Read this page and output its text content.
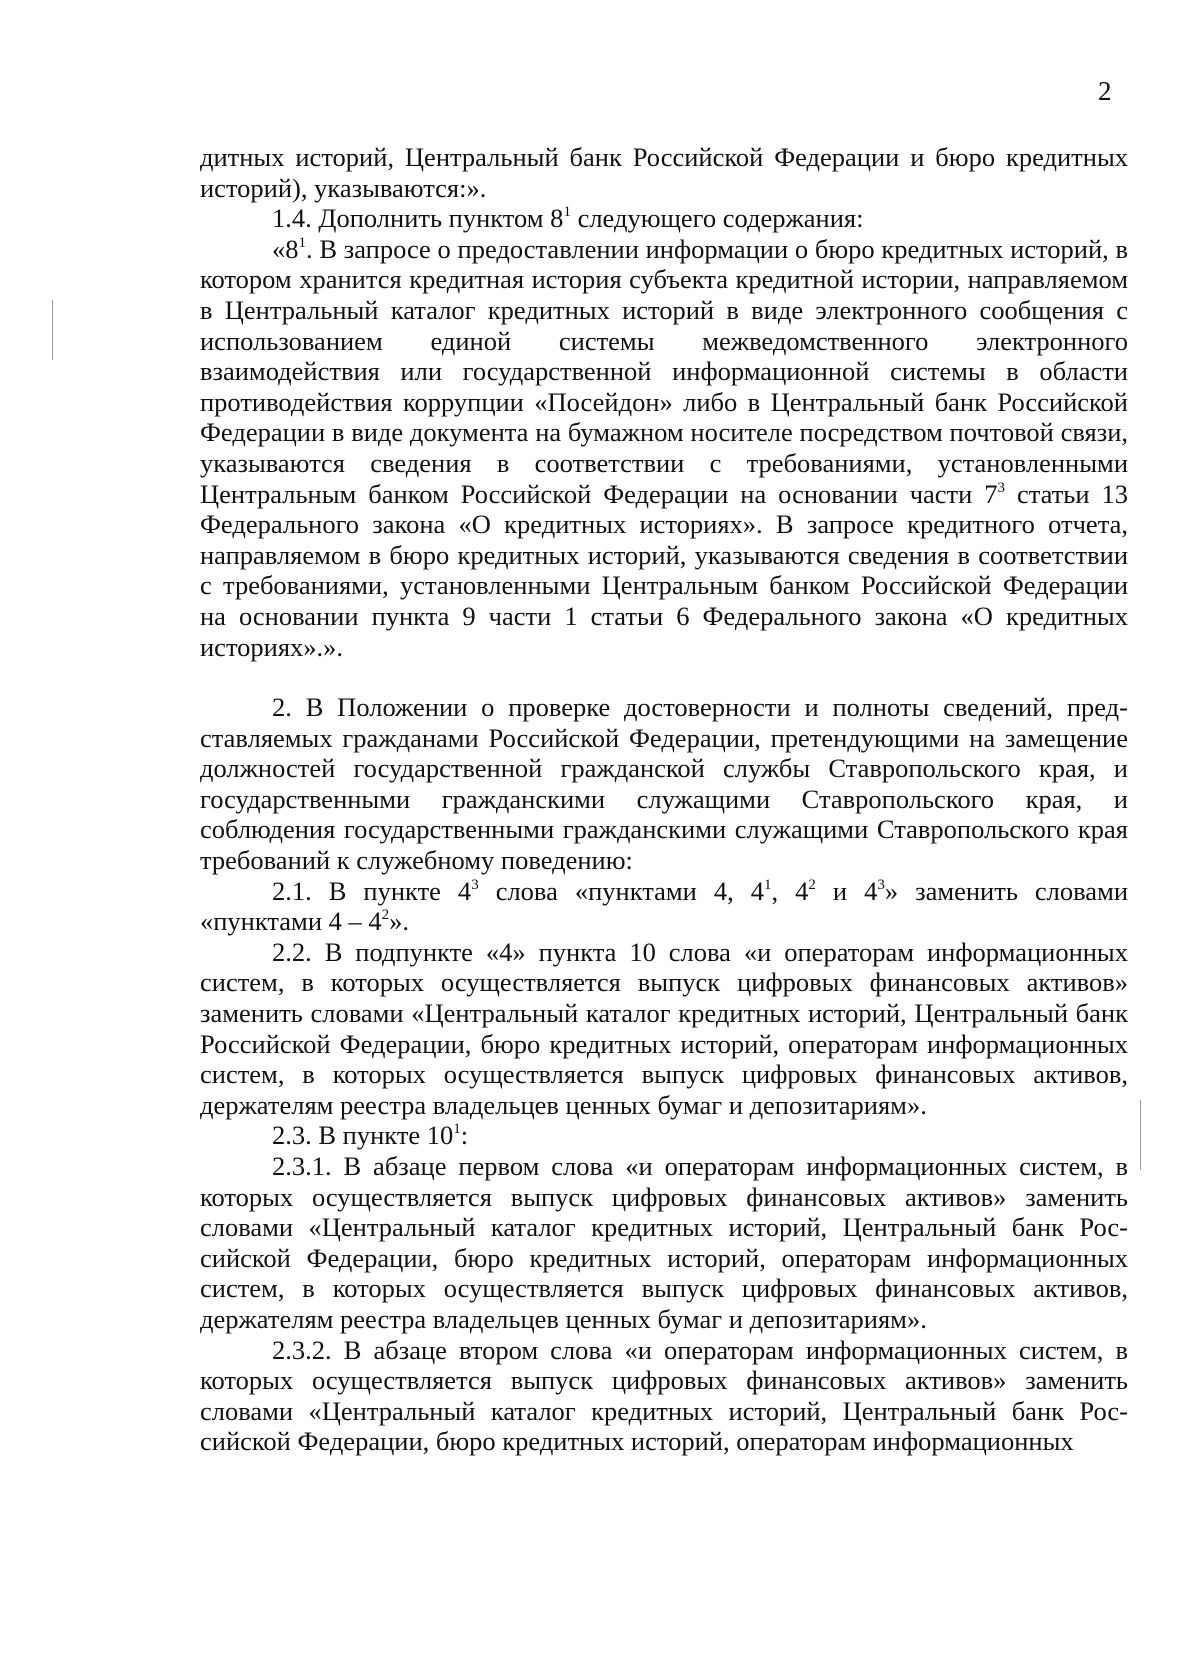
2

дитных историй, Центральный банк Российской Федерации и бюро кредитных историй), указываются:».

1.4. Дополнить пунктом $8^1$ следующего содержания:

«$8^1$. В запросе о предоставлении информации о бюро кредитных историй, в котором хранится кредитная история субъекта кредитной истории, направляемом в Центральный каталог кредитных историй в виде электронного сообщения с использованием единой системы межведомственного электронного взаимодействия или государственной информационной системы в области противодействия коррупции «Посейдон» либо в Центральный банк Российской Федерации в виде документа на бумажном носителе посредством почтовой связи, указываются сведения в соответствии с требованиями, установленными Центральным банком Российской Федерации на основании части $7^3$ статьи 13 Федерального закона «О кредитных историях». В запросе кредитного отчета, направляемом в бюро кредитных историй, указываются сведения в соответствии с требованиями, установленными Центральным банком Российской Федерации на основании пункта 9 части 1 статьи 6 Федерального закона «О кредитных историях».».

2. В Положении о проверке достоверности и полноты сведений, представляемых гражданами Российской Федерации, претендующими на замещение должностей государственной гражданской службы Ставропольского края, и государственными гражданскими служащими Ставропольского края, и соблюдения государственными гражданскими служащими Ставропольского края требований к служебному поведению:

2.1. В пункте $4^3$ слова «пунктами 4, $4^1$, $4^2$ и $4^3$» заменить словами «пунктами $4 - 4^2$».

2.2. В подпункте «4» пункта 10 слова «и операторам информационных систем, в которых осуществляется выпуск цифровых финансовых активов» заменить словами «Центральный каталог кредитных историй, Центральный банк Российской Федерации, бюро кредитных историй, операторам информационных систем, в которых осуществляется выпуск цифровых финансовых активов, держателям реестра владельцев ценных бумаг и депозитариям».

2.3. В пункте $10^1$:

2.3.1. В абзаце первом слова «и операторам информационных систем, в которых осуществляется выпуск цифровых финансовых активов» заменить словами «Центральный каталог кредитных историй, Центральный банк Российской Федерации, бюро кредитных историй, операторам информационных систем, в которых осуществляется выпуск цифровых финансовых активов, держателям реестра владельцев ценных бумаг и депозитариям».

2.3.2. В абзаце втором слова «и операторам информационных систем, в которых осуществляется выпуск цифровых финансовых активов» заменить словами «Центральный каталог кредитных историй, Центральный банк Российской Федерации, бюро кредитных историй, операторам информационных
